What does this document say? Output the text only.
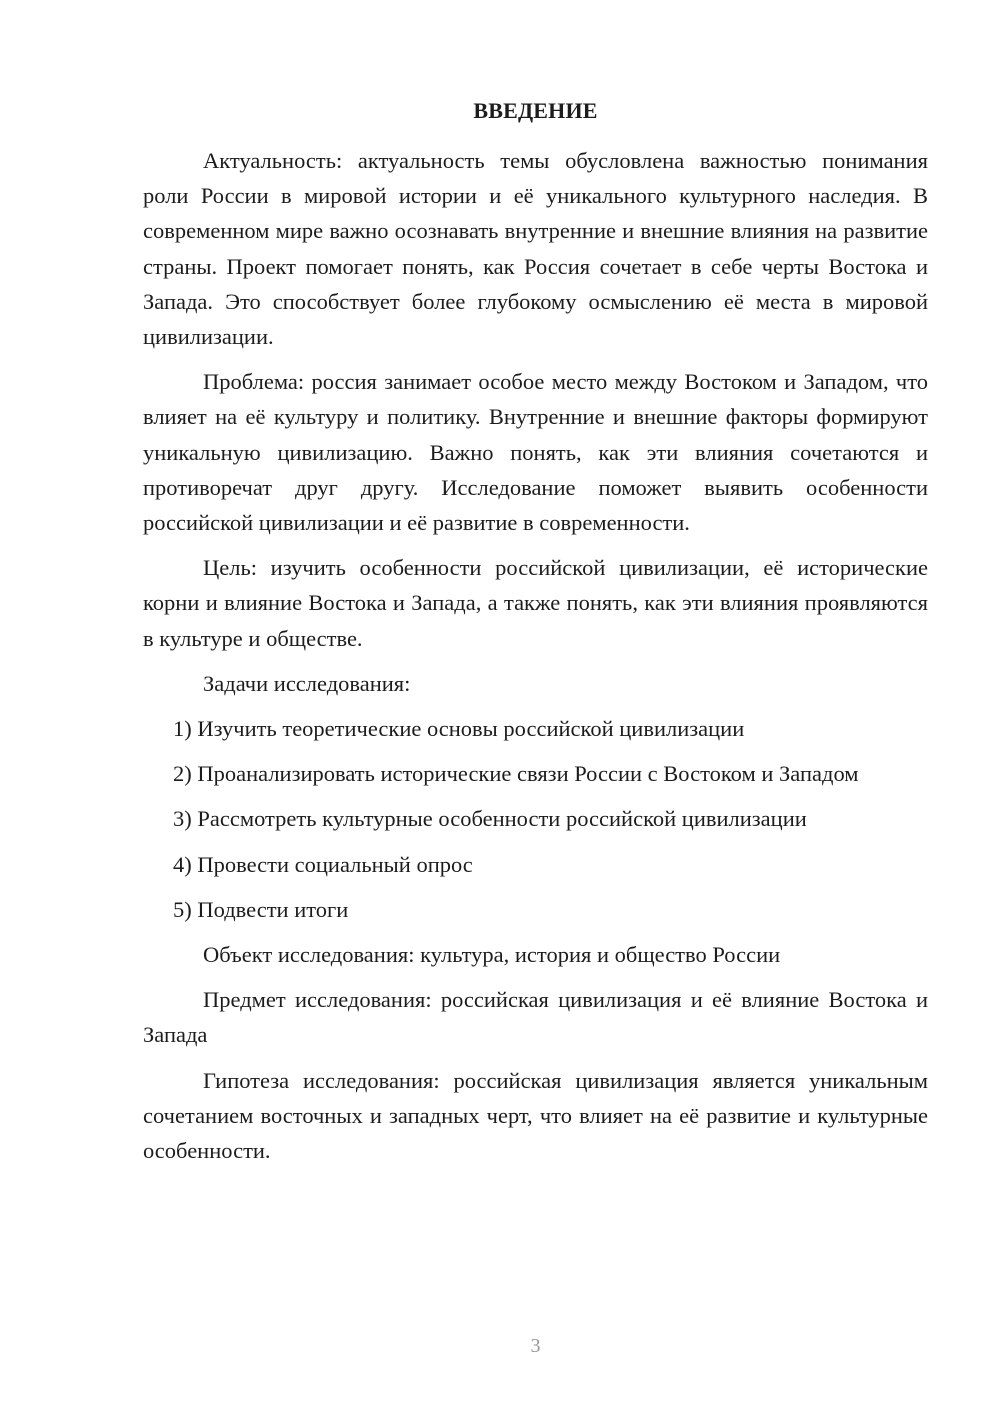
ВВЕДЕНИЕ

Актуальность: актуальность темы обусловлена важностью понимания роли России в мировой истории и её уникального культурного наследия. В современном мире важно осознавать внутренние и внешние влияния на развитие страны. Проект помогает понять, как Россия сочетает в себе черты Востока и Запада. Это способствует более глубокому осмыслению её места в мировой цивилизации.

Проблема: россия занимает особое место между Востоком и Западом, что влияет на её культуру и политику. Внутренние и внешние факторы формируют уникальную цивилизацию. Важно понять, как эти влияния сочетаются и противоречат друг другу. Исследование поможет выявить особенности российской цивилизации и её развитие в современности.

Цель: изучить особенности российской цивилизации, её исторические корни и влияние Востока и Запада, а также понять, как эти влияния проявляются в культуре и обществе.

Задачи исследования:

1) Изучить теоретические основы российской цивилизации

2) Проанализировать исторические связи России с Востоком и Западом

3) Рассмотреть культурные особенности российской цивилизации

4) Провести социальный опрос

5) Подвести итоги

Объект исследования: культура, история и общество России

Предмет исследования: российская цивилизация и её влияние Востока и Запада

Гипотеза исследования: российская цивилизация является уникальным сочетанием восточных и западных черт, что влияет на её развитие и культурные особенности.

3
